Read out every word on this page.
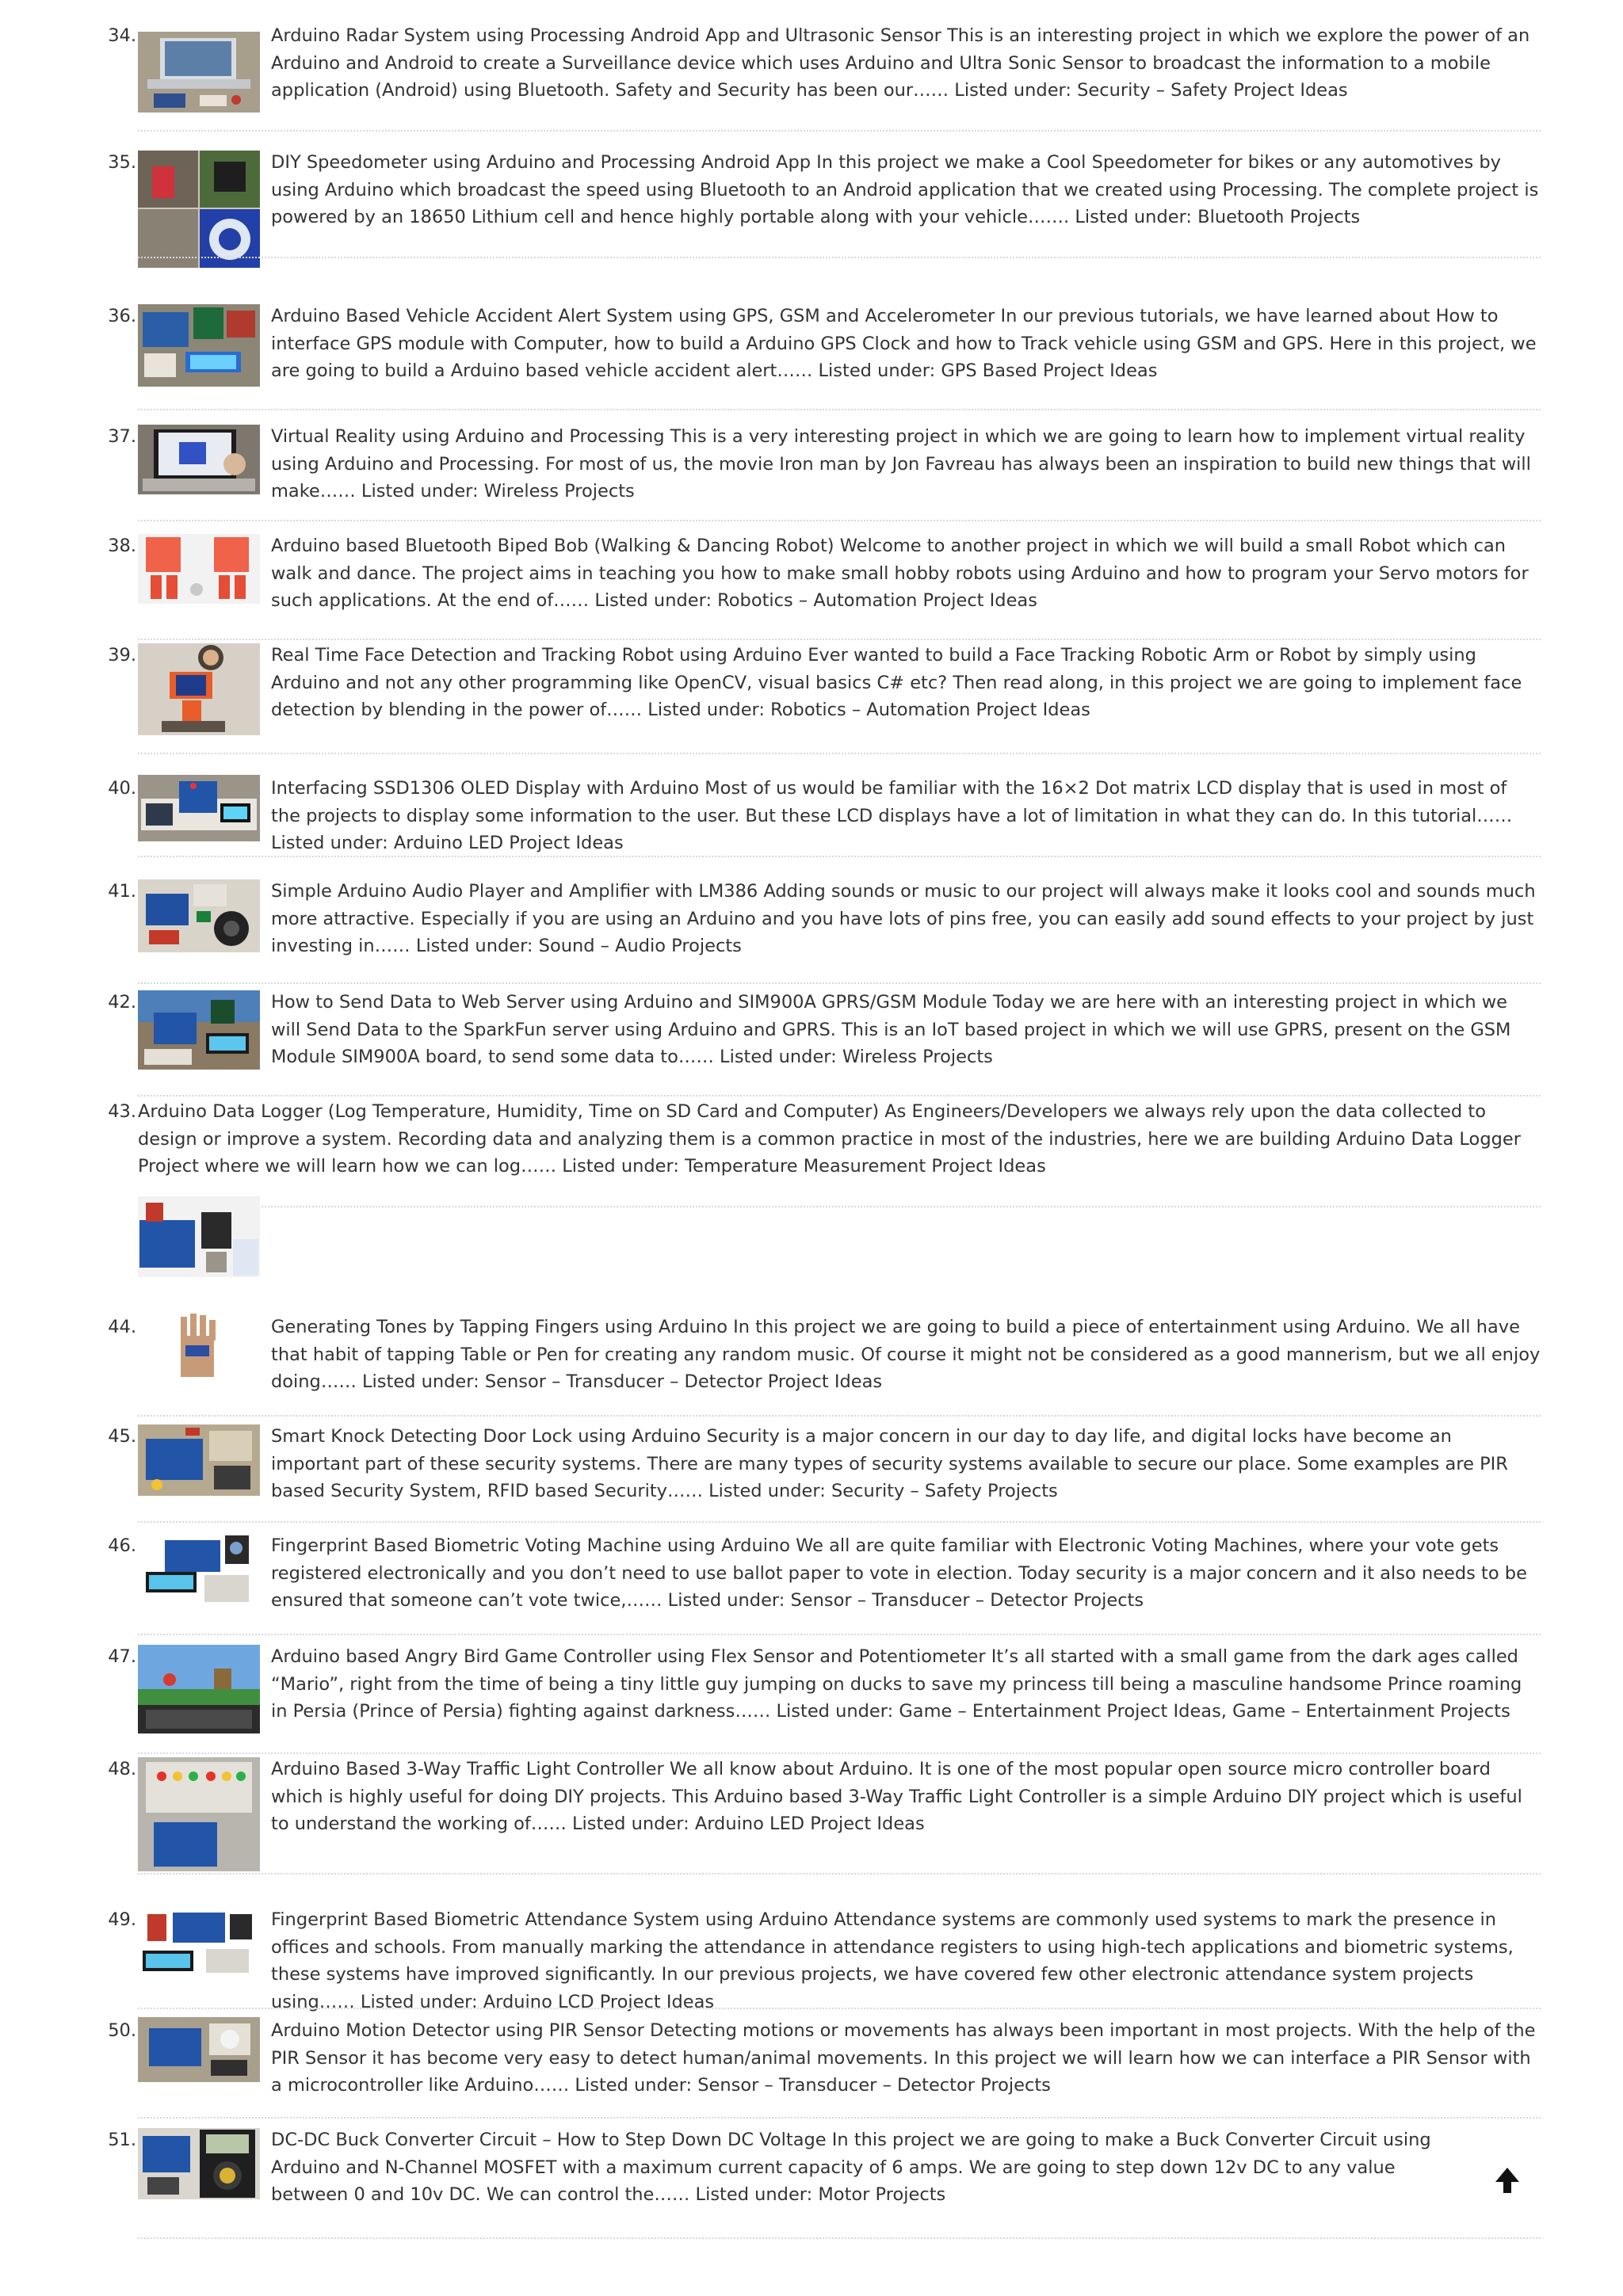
34.	Arduino Radar System using Processing Android App and Ultrasonic Sensor This is an interesting project in which we explore the power of an Arduino and Android to create a Surveillance device which uses Arduino and Ultra Sonic Sensor to broadcast the information to a mobile application (Android) using Bluetooth. Safety and Security has been our…… Listed under: Security – Safety Project Ideas
35.	DIY Speedometer using Arduino and Processing Android App In this project we make a Cool Speedometer for bikes or any automotives by using Arduino which broadcast the speed using Bluetooth to an Android application that we created using Processing. The complete project is powered by an 18650 Lithium cell and hence highly portable along with your vehicle……. Listed under: Bluetooth Projects
36.	Arduino Based Vehicle Accident Alert System using GPS, GSM and Accelerometer In our previous tutorials, we have learned about How to interface GPS module with Computer, how to build a Arduino GPS Clock and how to Track vehicle using GSM and GPS. Here in this project, we are going to build a Arduino based vehicle accident alert…… Listed under: GPS Based Project Ideas
37.	Virtual Reality using Arduino and Processing This is a very interesting project in which we are going to learn how to implement virtual reality using Arduino and Processing. For most of us, the movie Iron man by Jon Favreau has always been an inspiration to build new things that will make…… Listed under: Wireless Projects
38.	Arduino based Bluetooth Biped Bob (Walking & Dancing Robot) Welcome to another project in which we will build a small Robot which can walk and dance. The project aims in teaching you how to make small hobby robots using Arduino and how to program your Servo motors for such applications. At the end of…… Listed under: Robotics – Automation Project Ideas
39.	Real Time Face Detection and Tracking Robot using Arduino Ever wanted to build a Face Tracking Robotic Arm or Robot by simply using Arduino and not any other programming like OpenCV, visual basics C# etc? Then read along, in this project we are going to implement face detection by blending in the power of…… Listed under: Robotics – Automation Project Ideas
40.	Interfacing SSD1306 OLED Display with Arduino Most of us would be familiar with the 16×2 Dot matrix LCD display that is used in most of the projects to display some information to the user. But these LCD displays have a lot of limitation in what they can do. In this tutorial…… Listed under: Arduino LED Project Ideas
41.	Simple Arduino Audio Player and Amplifier with LM386 Adding sounds or music to our project will always make it looks cool and sounds much more attractive. Especially if you are using an Arduino and you have lots of pins free, you can easily add sound effects to your project by just investing in…… Listed under: Sound – Audio Projects
42.	How to Send Data to Web Server using Arduino and SIM900A GPRS/GSM Module Today we are here with an interesting project in which we will Send Data to the SparkFun server using Arduino and GPRS. This is an IoT based project in which we will use GPRS, present on the GSM Module SIM900A board, to send some data to…… Listed under: Wireless Projects
43. Arduino Data Logger (Log Temperature, Humidity, Time on SD Card and Computer) As Engineers/Developers we always rely upon the data collected to design or improve a system. Recording data and analyzing them is a common practice in most of the industries, here we are building Arduino Data Logger Project where we will learn how we can log…… Listed under: Temperature Measurement Project Ideas
44.	Generating Tones by Tapping Fingers using Arduino In this project we are going to build a piece of entertainment using Arduino. We all have that habit of tapping Table or Pen for creating any random music. Of course it might not be considered as a good mannerism, but we all enjoy doing…… Listed under: Sensor – Transducer – Detector Project Ideas
45.	Smart Knock Detecting Door Lock using Arduino Security is a major concern in our day to day life, and digital locks have become an important part of these security systems. There are many types of security systems available to secure our place. Some examples are PIR based Security System, RFID based Security…… Listed under: Security – Safety Projects
46.	Fingerprint Based Biometric Voting Machine using Arduino We all are quite familiar with Electronic Voting Machines, where your vote gets registered electronically and you don’t need to use ballot paper to vote in election. Today security is a major concern and it also needs to be ensured that someone can’t vote twice,…… Listed under: Sensor – Transducer – Detector Projects
47.	Arduino based Angry Bird Game Controller using Flex Sensor and Potentiometer It’s all started with a small game from the dark ages called “Mario”, right from the time of being a tiny little guy jumping on ducks to save my princess till being a masculine handsome Prince roaming in Persia (Prince of Persia) fighting against darkness…… Listed under: Game – Entertainment Project Ideas, Game – Entertainment Projects
48.	Arduino Based 3-Way Traffic Light Controller We all know about Arduino. It is one of the most popular open source micro controller board which is highly useful for doing DIY projects. This Arduino based 3-Way Traffic Light Controller is a simple Arduino DIY project which is useful to understand the working of…… Listed under: Arduino LED Project Ideas
49.	Fingerprint Based Biometric Attendance System using Arduino Attendance systems are commonly used systems to mark the presence in offices and schools. From manually marking the attendance in attendance registers to using high-tech applications and biometric systems, these systems have improved significantly. In our previous projects, we have covered few other electronic attendance system projects using…… Listed under: Arduino LCD Project Ideas
50.	Arduino Motion Detector using PIR Sensor Detecting motions or movements has always been important in most projects. With the help of the PIR Sensor it has become very easy to detect human/animal movements. In this project we will learn how we can interface a PIR Sensor with a microcontroller like Arduino…… Listed under: Sensor – Transducer – Detector Projects
51.	DC-DC Buck Converter Circuit – How to Step Down DC Voltage In this project we are going to make a Buck Converter Circuit using Arduino and N-Channel MOSFET with a maximum current capacity of 6 amps. We are going to step down 12v DC to any value between 0 and 10v DC. We can control the…… Listed under: Motor Projects
